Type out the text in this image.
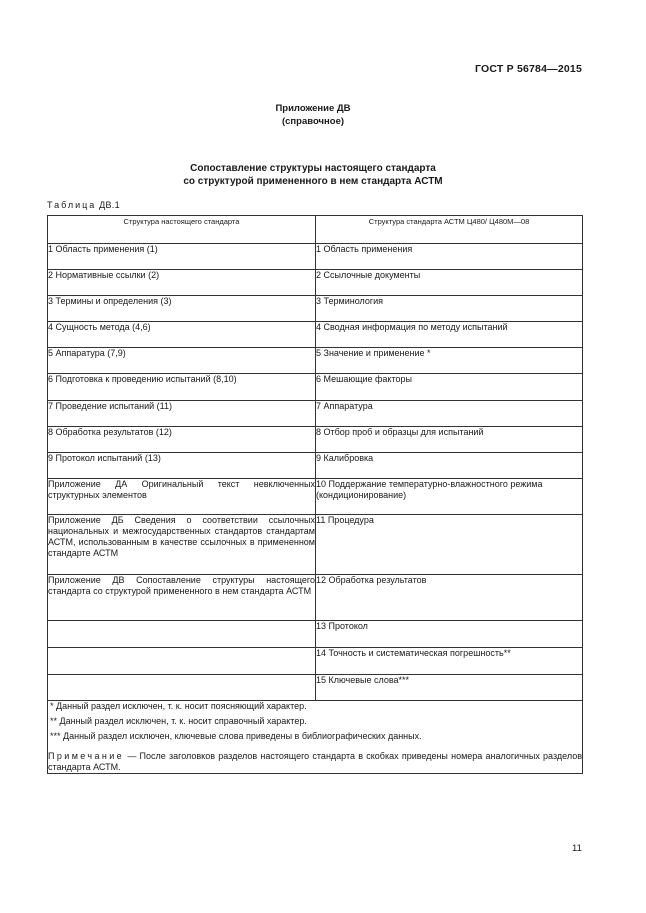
ГОСТ Р 56784—2015
Приложение ДВ
(справочное)
Сопоставление структуры настоящего стандарта
со структурой примененного в нем стандарта АСТМ
Таблица ДВ.1
Структура настоящего стандарта	Структура стандарта АСТМ Ц480/ Ц480М—08
1 Область применения (1)	1 Область применения
2 Нормативные ссылки (2)	2 Ссылочные документы
3 Термины и определения (3)	3 Терминология
4 Сущность метода (4,6)	4 Сводная информация по методу испытаний
5 Аппаратура (7,9)	5 Значение и применение *
6 Подготовка к проведению испытаний (8,10)	6 Мешающие факторы
7 Проведение испытаний (11)	7 Аппаратура
8 Обработка результатов (12)	8 Отбор проб и образцы для испытаний
9 Протокол испытаний (13)	9 Калибровка
Приложение ДА Оригинальный текст невключенных структурных элементов	10 Поддержание температурно-влажностного режима (кондиционирование)
Приложение ДБ Сведения о соответствии ссылочных национальных и межгосударственных стандартов стандартам АСТМ, использованным в качестве ссылочных в примененном стандарте АСТМ	11 Процедура
Приложение ДВ Сопоставление структуры настоящего стандарта со структурой примененного в нем стандарта АСТМ	12 Обработка результатов
	13 Протокол
	14 Точность и систематическая погрешность**
	15 Ключевые слова***

* Данный раздел исключен, т. к. носит поясняющий характер.
** Данный раздел исключен, т. к. носит справочный характер.
*** Данный раздел исключен, ключевые слова приведены в библиографических данных.
Примечание — После заголовков разделов настоящего стандарта в скобках приведены номера аналогичных разделов стандарта АСТМ.	
11
